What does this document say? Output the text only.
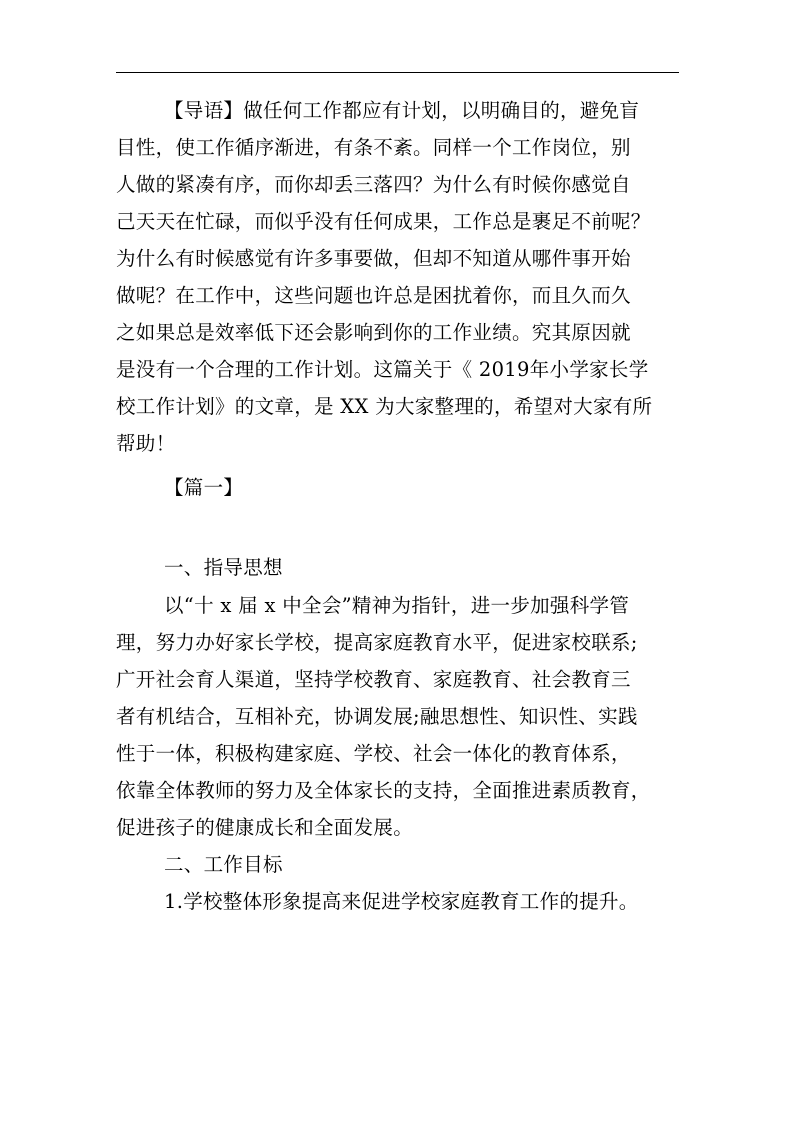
【导语】做任何工作都应有计划，以明确目的，避免盲
目性，使工作循序渐进，有条不紊。同样一个工作岗位，别
人做的紧凑有序，而你却丢三落四？为什么有时候你感觉自
己天天在忙碌，而似乎没有任何成果，工作总是裹足不前呢？
为什么有时候感觉有许多事要做，但却不知道从哪件事开始
做呢？在工作中，这些问题也许总是困扰着你，而且久而久
之如果总是效率低下还会影响到你的工作业绩。究其原因就
是没有一个合理的工作计划。这篇关于《 2019年小学家长学
校工作计划》的文章，是 XX 为大家整理的，希望对大家有所
帮助！
【篇一】
一、指导思想
以“十 x 届 x 中全会”精神为指针，进一步加强科学管
理，努力办好家长学校，提高家庭教育水平，促进家校联系;
广开社会育人渠道，坚持学校教育、家庭教育、社会教育三
者有机结合，互相补充，协调发展;融思想性、知识性、实践
性于一体，积极构建家庭、学校、社会一体化的教育体系，
依靠全体教师的努力及全体家长的支持，全面推进素质教育，
促进孩子的健康成长和全面发展。
二、工作目标
1.学校整体形象提高来促进学校家庭教育工作的提升。
